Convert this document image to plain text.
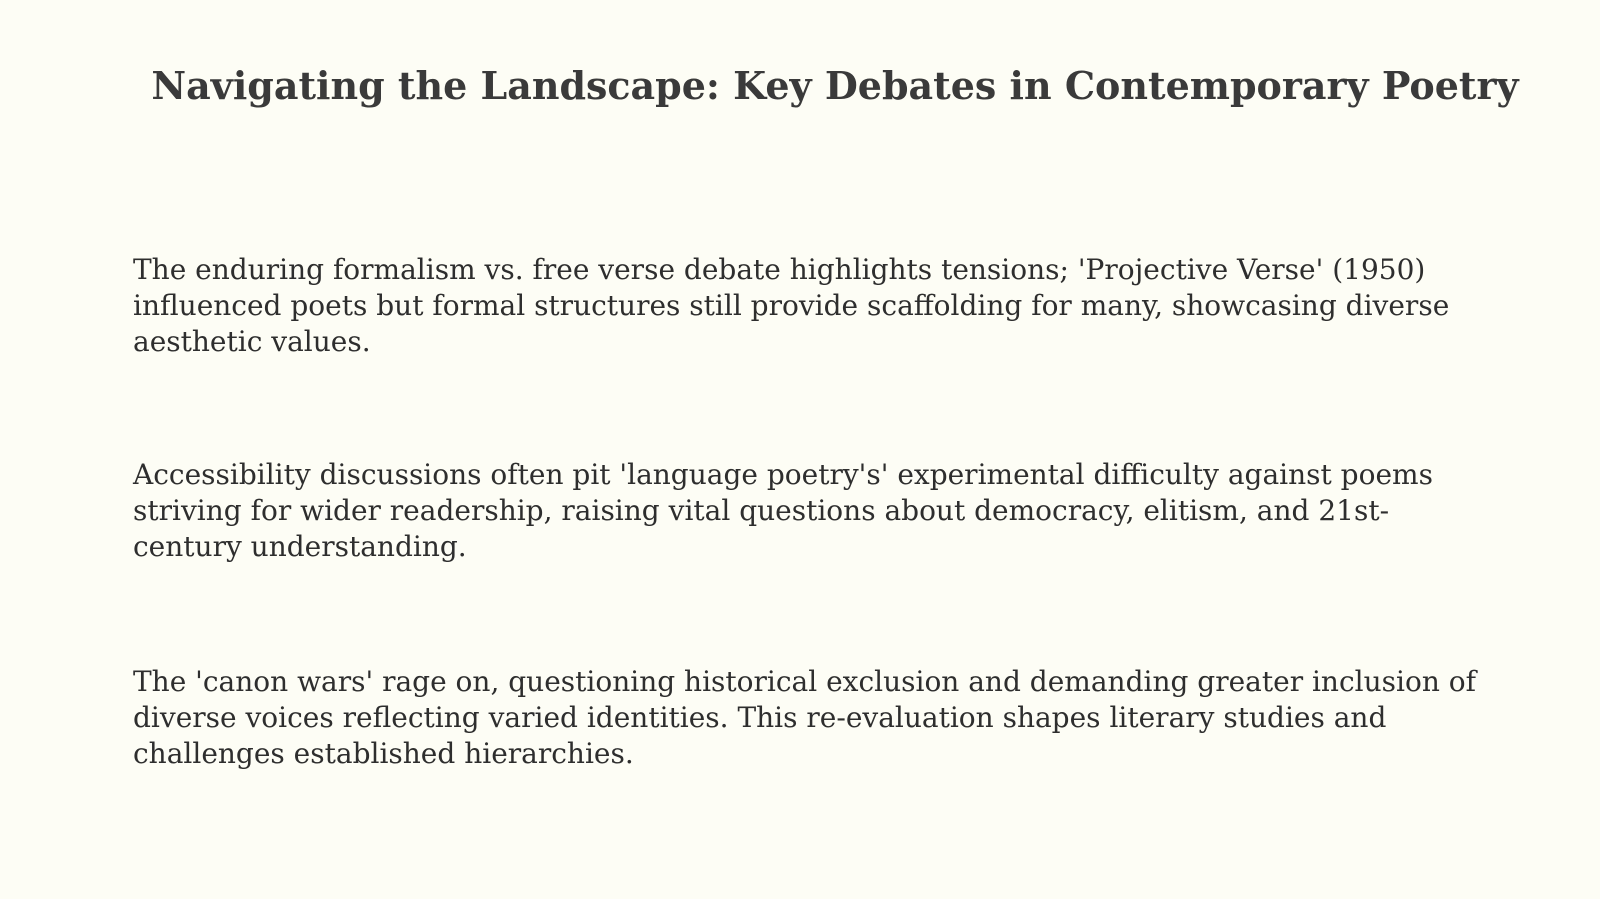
Navigating the Landscape: Key Debates in Contemporary Poetry

The enduring formalism vs. free verse debate highlights tensions; 'Projective Verse' (1950) influenced poets but formal structures still provide scaffolding for many, showcasing diverse aesthetic values.

Accessibility discussions often pit 'language poetry's' experimental difficulty against poems striving for wider readership, raising vital questions about democracy, elitism, and 21st-century understanding.

The 'canon wars' rage on, questioning historical exclusion and demanding greater inclusion of diverse voices reflecting varied identities. This re-evaluation shapes literary studies and challenges established hierarchies.
